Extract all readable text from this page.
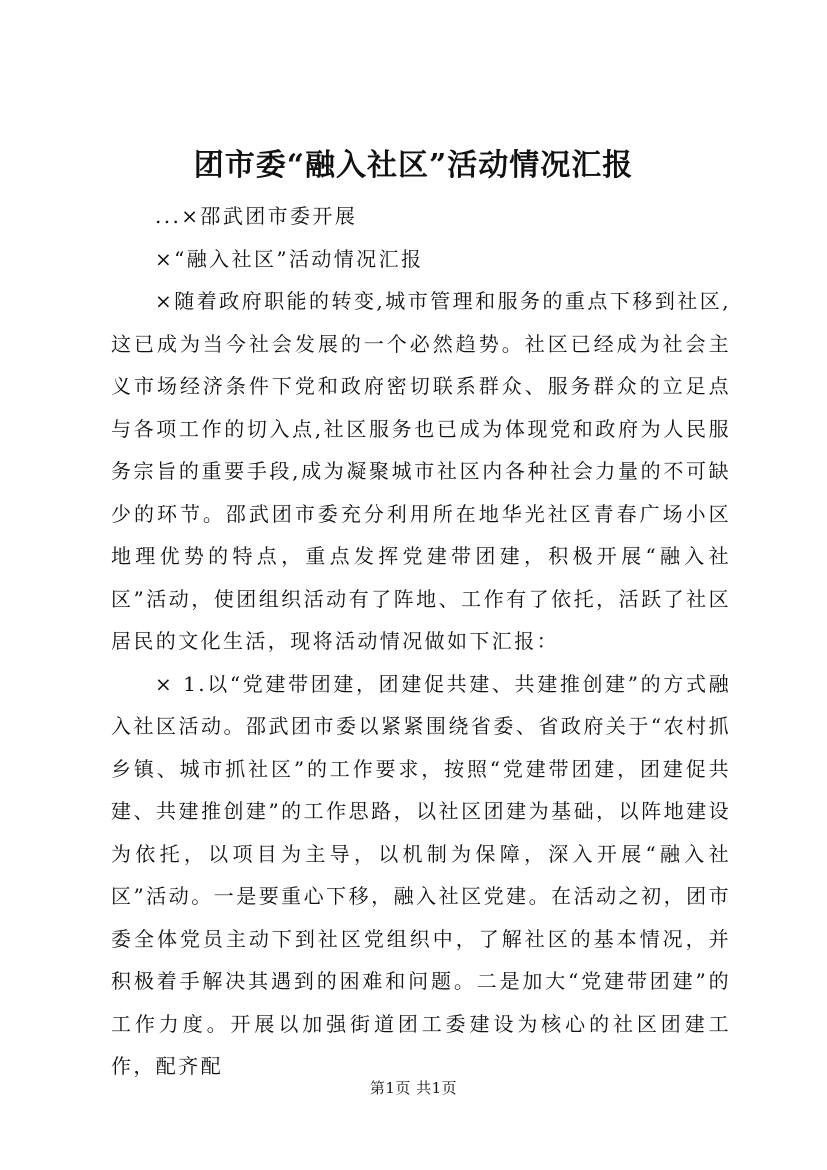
团市委“融入社区”活动情况汇报

...×邵武团市委开展

×“融入社区”活动情况汇报

×随着政府职能的转变,城市管理和服务的重点下移到社区,这已成为当今社会发展的一个必然趋势。社区已经成为社会主义市场经济条件下党和政府密切联系群众、服务群众的立足点与各项工作的切入点,社区服务也已成为体现党和政府为人民服务宗旨的重要手段,成为凝聚城市社区内各种社会力量的不可缺少的环节。邵武团市委充分利用所在地华光社区青春广场小区地理优势的特点，重点发挥党建带团建，积极开展“融入社区”活动，使团组织活动有了阵地、工作有了依托，活跃了社区居民的文化生活，现将活动情况做如下汇报：

× 1.以“党建带团建，团建促共建、共建推创建”的方式融入社区活动。邵武团市委以紧紧围绕省委、省政府关于“农村抓乡镇、城市抓社区”的工作要求，按照“党建带团建，团建促共建、共建推创建”的工作思路，以社区团建为基础，以阵地建设为依托，以项目为主导，以机制为保障，深入开展“融入社区”活动。一是要重心下移，融入社区党建。在活动之初，团市委全体党员主动下到社区党组织中，了解社区的基本情况，并积极着手解决其遇到的困难和问题。二是加大“党建带团建”的工作力度。开展以加强街道团工委建设为核心的社区团建工作，配齐配

第1页 共1页
